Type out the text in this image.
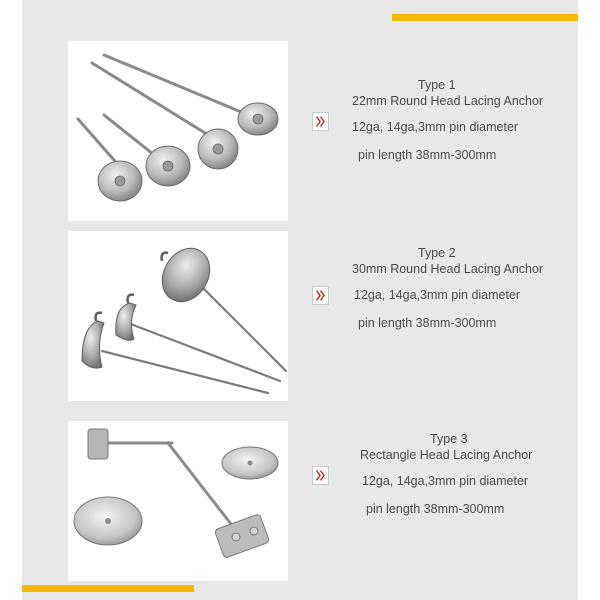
Type 1
22mm Round Head Lacing Anchor
12ga, 14ga,3mm pin diameter
pin length 38mm-300mm
Type 2
30mm Round Head Lacing Anchor
12ga, 14ga,3mm pin diameter
pin length 38mm-300mm
Type 3
Rectangle Head Lacing Anchor
12ga, 14ga,3mm pin diameter
pin length 38mm-300mm
